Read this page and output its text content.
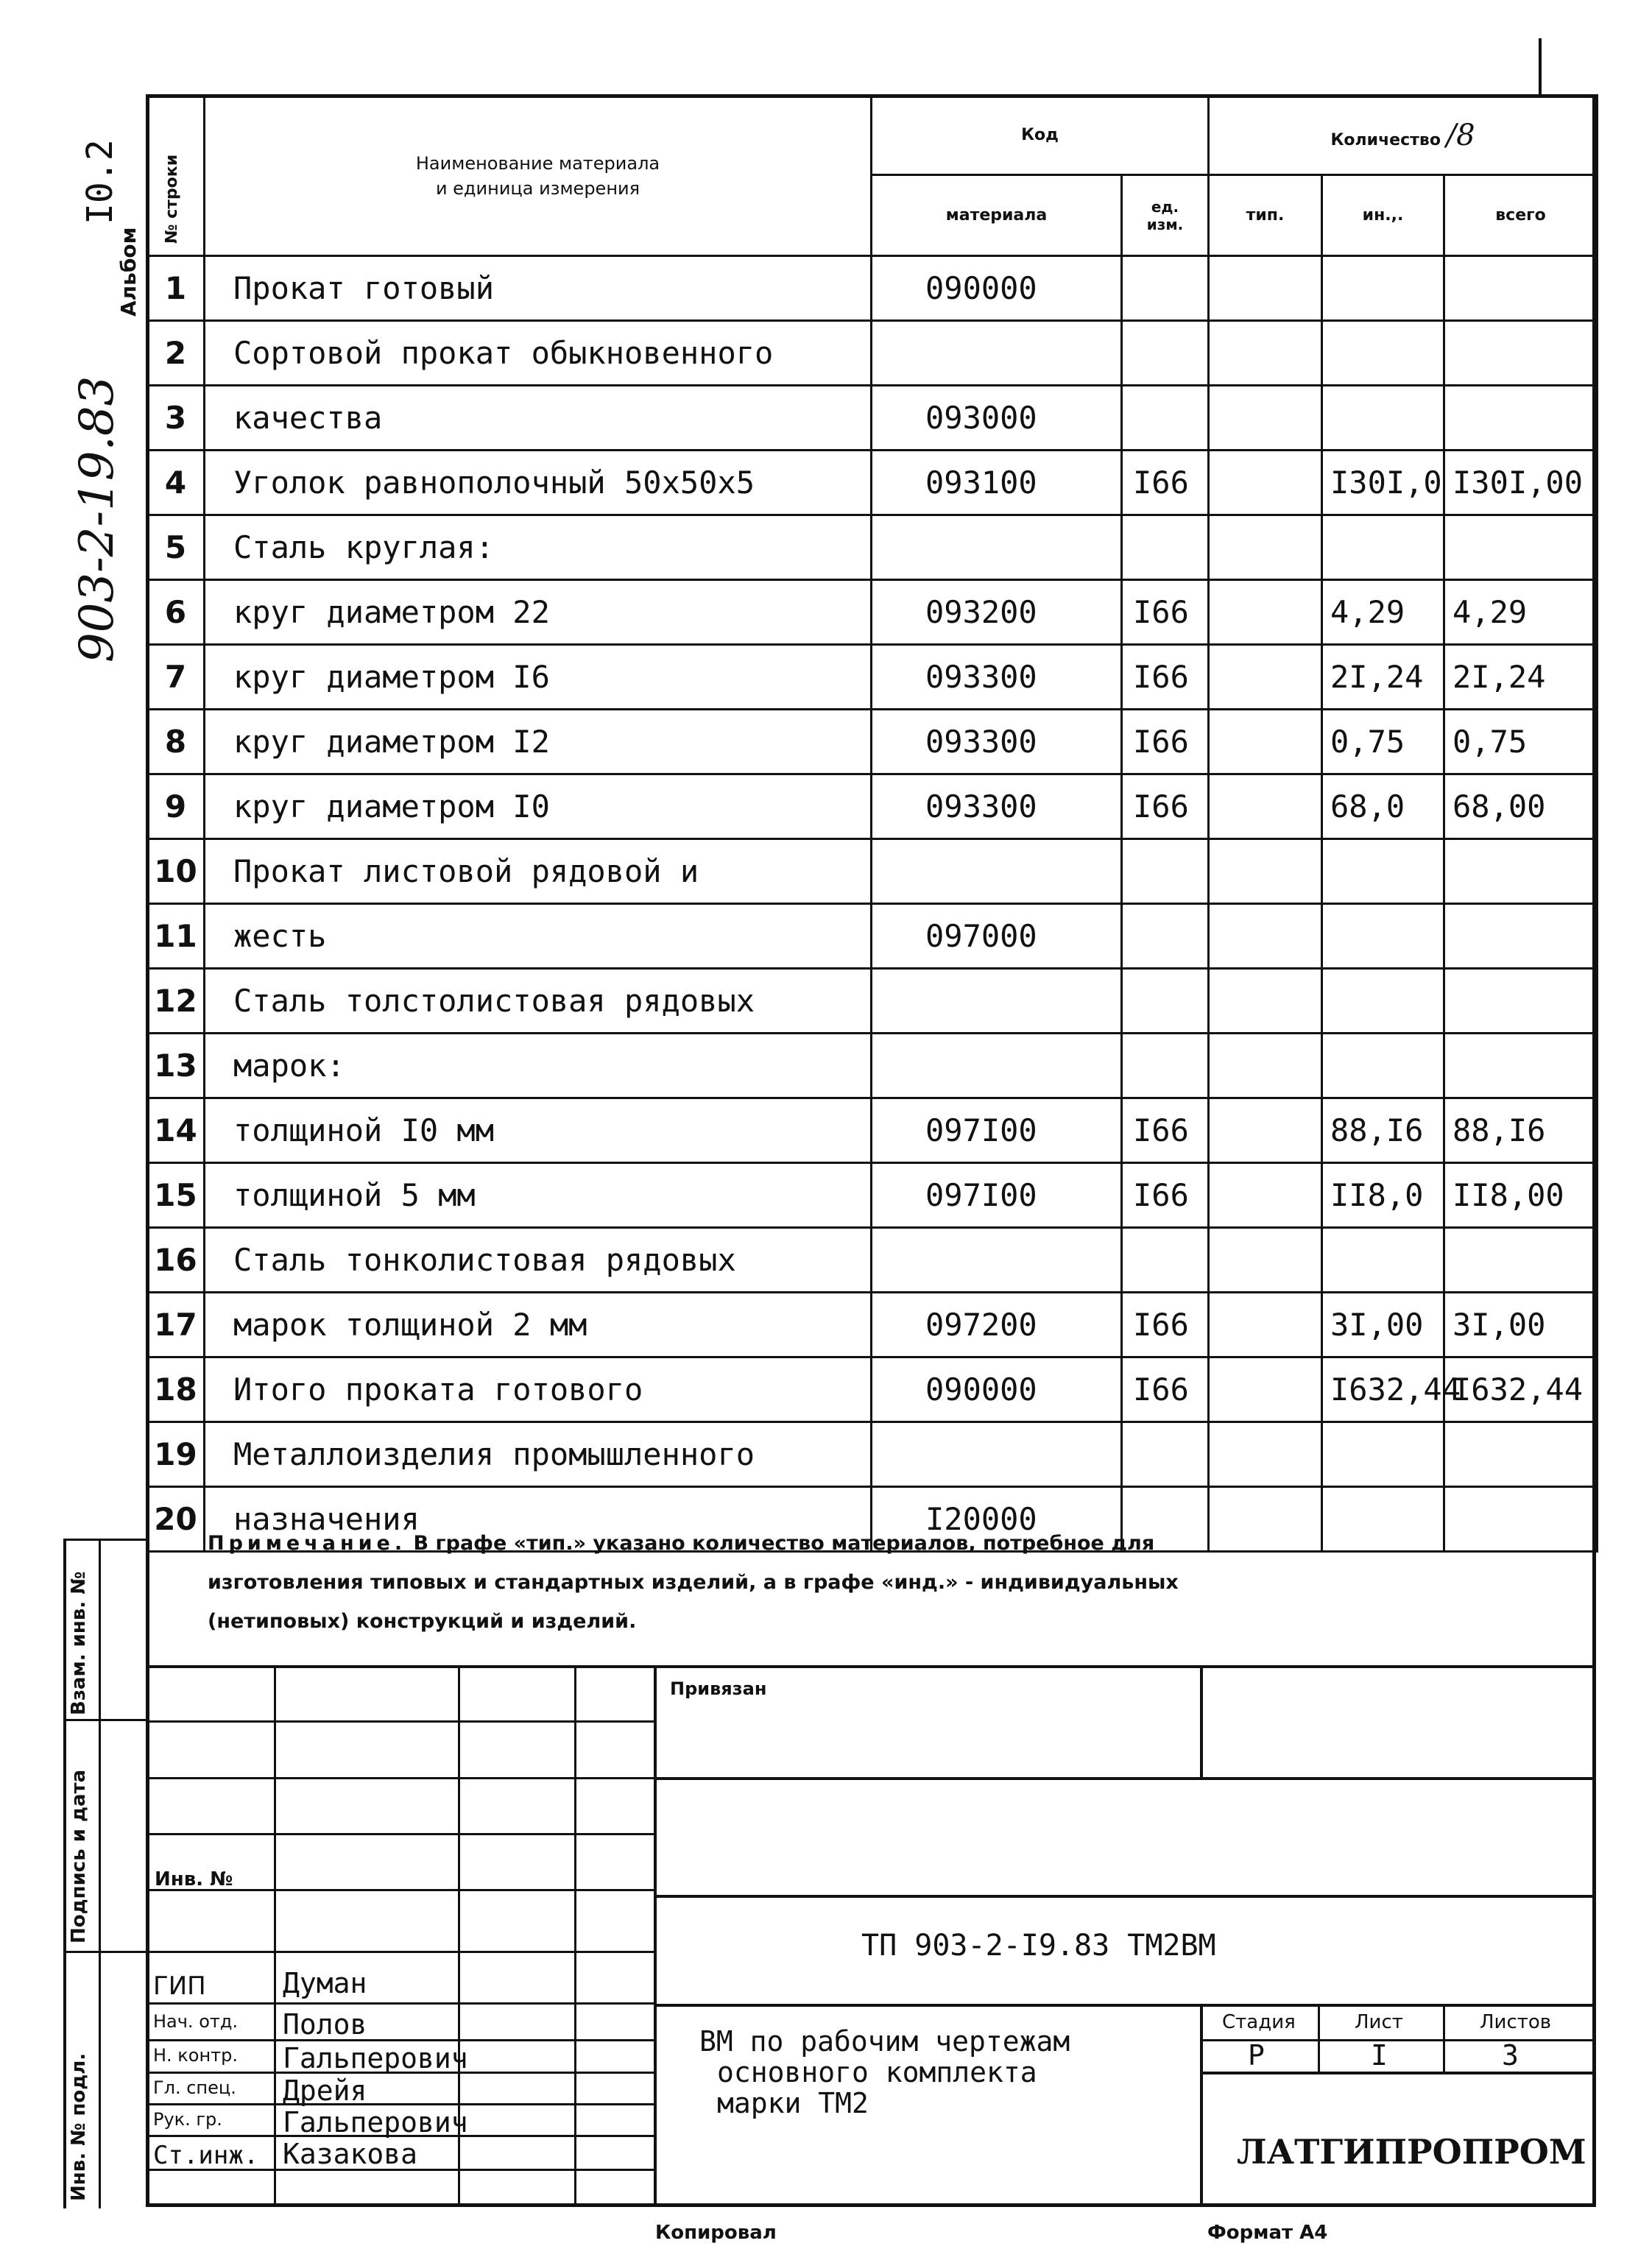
903-2-19.83
Альбом
I0.2	№ строки	Наименование материала
и единица измерения	Код		Количество /8		
		материала	ед.
изм.	тип.	ин.,.	всего
1	Прокат готовый	090000				
2	Сортовой прокат обыкновенного					
3	качества	093000				
4	Уголок равнополочный 50х50х5	093100	I66		I30I,0	I30I,00
5	Сталь круглая:					
6	круг диаметром 22	093200	I66		4,29	4,29
7	круг диаметром I6	093300	I66		2I,24	2I,24
8	круг диаметром I2	093300	I66		0,75	0,75
9	круг диаметром I0	093300	I66		68,0	68,00
10	Прокат листовой рядовой и					
11	жесть	097000				
12	Сталь толстолистовая рядовых					
13	марок:					
14	толщиной I0 мм	097I00	I66		88,I6	88,I6
15	толщиной 5 мм	097I00	I66		II8,0	II8,00
16	Сталь тонколистовая рядовых					
17	марок толщиной 2 мм	097200	I66		3I,00	3I,00
18	Итого проката готового	090000	I66		I632,44	I632,44
19	Металлоизделия промышленного					
20	назначения	I20000				
Примечание. В графе «тип.» указано количество материалов, потребное для
изготовления типовых и стандартных изделий, а в графе «инд.» - индивидуальных
(нетиповых) конструкций и изделий.
Взам. инв. №
Подпись и дата
Инв. № подл.
Привязан
Инв. №
ТП 903-2-I9.83 ТМ2ВМ
ВМ по рабочим чертежам
основного комплекта
марки ТМ2
Стадия	Лист	Листов
Р	I	3
ЛАТГИПРОПРОМ
ГИП	Думан
Нач. отд. Полов
Н. контр. Гальперович
Гл. спец. Дрейя
Рук. гр. Гальперович
Ст.инж. Казакова
Копировал	Формат А4
